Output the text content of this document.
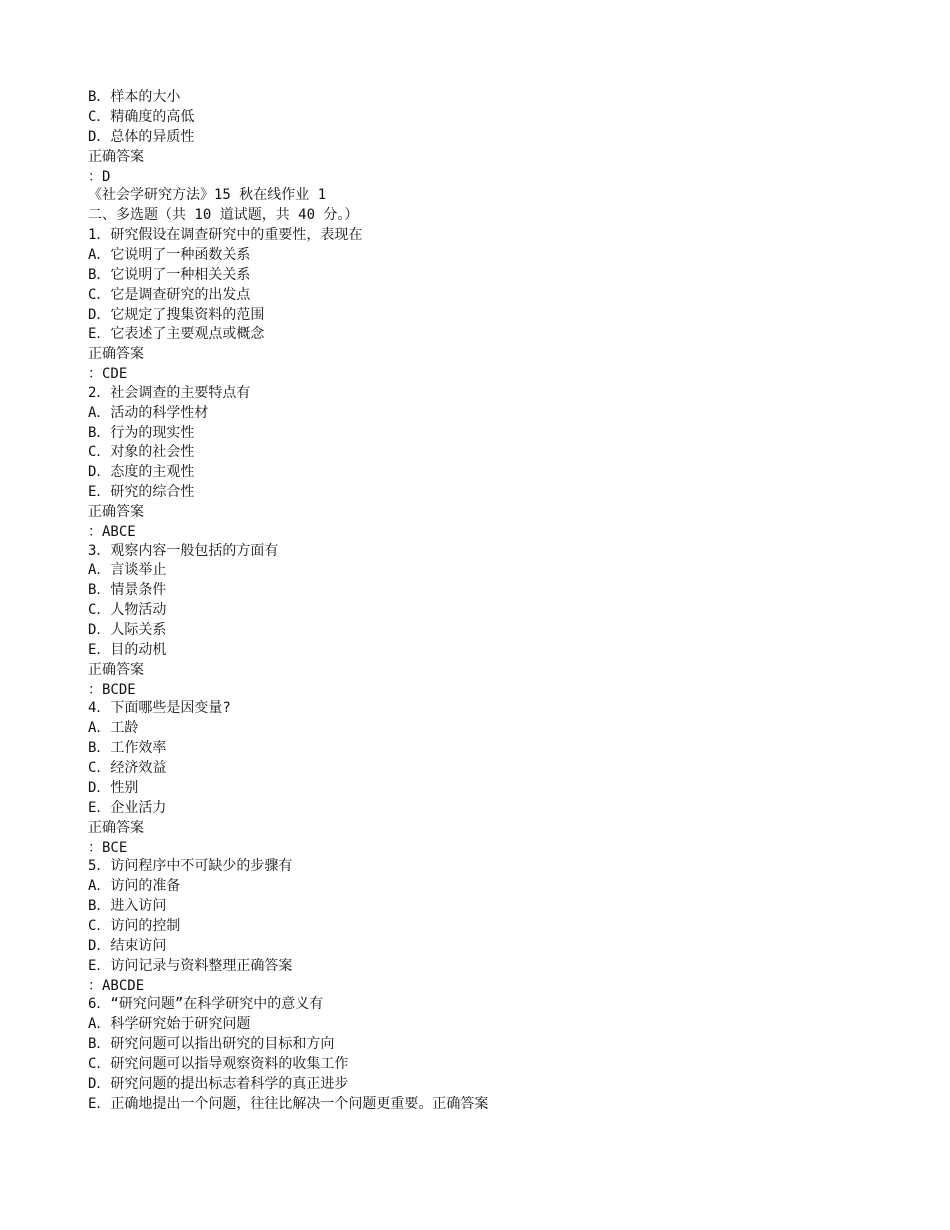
B．样本的大小
C．精确度的高低
D．总体的异质性
正确答案
：D
《社会学研究方法》15 秋在线作业 1
二、多选题（共 10 道试题，共 40 分。）
1．研究假设在调查研究中的重要性，表现在
A．它说明了一种函数关系
B．它说明了一种相关关系
C．它是调查研究的出发点
D．它规定了搜集资料的范围
E．它表述了主要观点或概念
正确答案
：CDE
2．社会调查的主要特点有
A．活动的科学性材
B．行为的现实性
C．对象的社会性
D．态度的主观性
E．研究的综合性
正确答案
：ABCE
3．观察内容一般包括的方面有
A．言谈举止
B．情景条件
C．人物活动
D．人际关系
E．目的动机
正确答案
：BCDE
4．下面哪些是因变量?
A．工龄
B．工作效率
C．经济效益
D．性别
E．企业活力
正确答案
：BCE
5．访问程序中不可缺少的步骤有
A．访问的准备
B．进入访问
C．访问的控制
D．结束访问
E．访问记录与资料整理正确答案
：ABCDE
6．“研究问题”在科学研究中的意义有
A．科学研究始于研究问题
B．研究问题可以指出研究的目标和方向
C．研究问题可以指导观察资料的收集工作
D．研究问题的提出标志着科学的真正进步
E．正确地提出一个问题，往往比解决一个问题更重要。正确答案
